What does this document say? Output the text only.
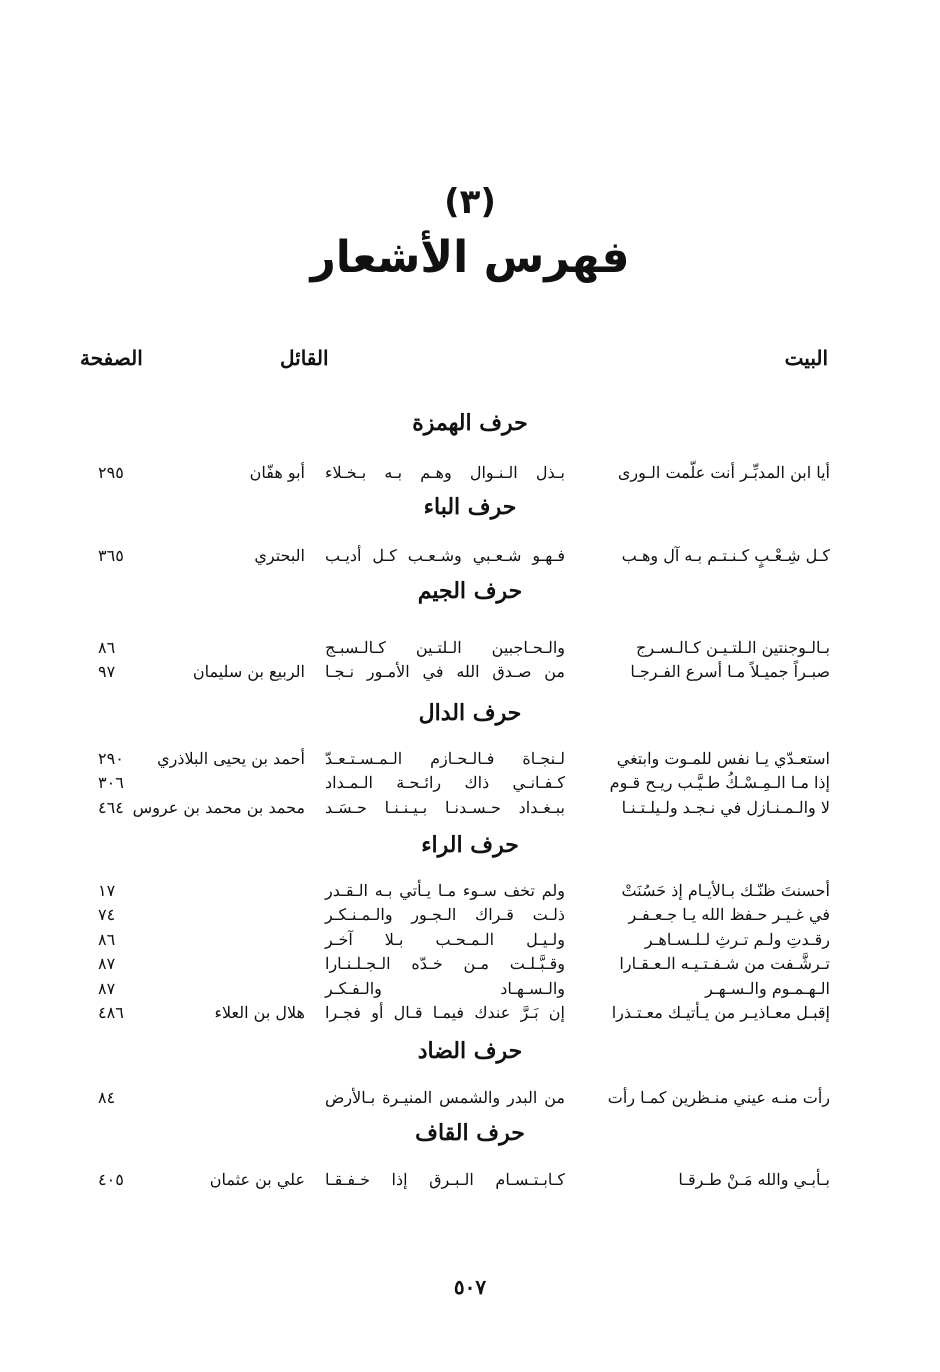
(٣)
فهرس الأشعار
البيت
القائل
الصفحة
حرف الهمزة
أيا ابن المدبِّـر أنت علّمت الـورى
بـذل الـنـوال وهـم بـه بـخـلاء
أبو هفّان
٢٩٥
حرف الباء
كـل شِـعْـبٍ كـنـتـم بـه آل وهـب
فـهـو شـعـبي وشـعـب كـل أديـب
البحتري
٣٦٥
حرف الجيم
بـالـوجنتين الـلتـيـن كـالـسـرج
والـحـاجبين الـلتـين كـالـسبـج
٨٦
صبـراً جميـلاً مـا أسرع الفـرجـا
من صـدق الله في الأمـور نـجـا
الربيع بن سليمان
٩٧
حرف الدال
استعـدّي يـا نفس للمـوت وابتغي
لـنجـاة فـالـحـازم الـمـسـتـعـدّ
أحمد بن يحيى البلاذري
٢٩٠
إذا مـا الـمِـسْـكُ طـيَّـب ريـح قـوم
كـفـانـي ذاك رائـحـة الـمـداد
٣٠٦
لا والـمـنـازل في نـجـد ولـيلـتـنـا
ببـغـداد حـسـدنـا بـيـنـنـا حـسَـد
محمد بن محمد بن عروس
٤٦٤
حرف الراء
أحسنتَ ظنّـك بـالأيـام إذ حَسُنَتْ
ولم تخف سـوء مـا يـأتي بـه الـقـدر
١٧
في غـيـر حـفظ الله يـا جـعـفـر
ذلـت قـراك الـجـور والـمـنـكـر
٧٤
رقـدتِ ولـم تـرثِ لـلـسـاهـر
ولـيـل الـمـحـب بـلا آخـر
٨٦
تـرشَّـفت من شـفـتـيـه الـعـقـارا
وقـبَّـلـت مـن خـدّه الـجـلـنـارا
٨٧
الـهـمـوم والـسـهـر
والـسـهـاد والـفـكـر
٨٧
إقبـل معـاذيـر من يـأتيـك معـتـذرا
إن بَـرَّ عندك فيمـا قـال أو فجـرا
هلال بن العلاء
٤٨٦
حرف الضاد
رأت منـه عيني منـظرين كمـا رأت
من البدر والشمس المنيـرة بـالأرض
٨٤
حرف القاف
بـأبـي والله مَـنْ طـرقـا
كـابـتـسـام الـبـرق إذا خـفـقـا
علي بن عثمان
٤٠٥
٥٠٧
